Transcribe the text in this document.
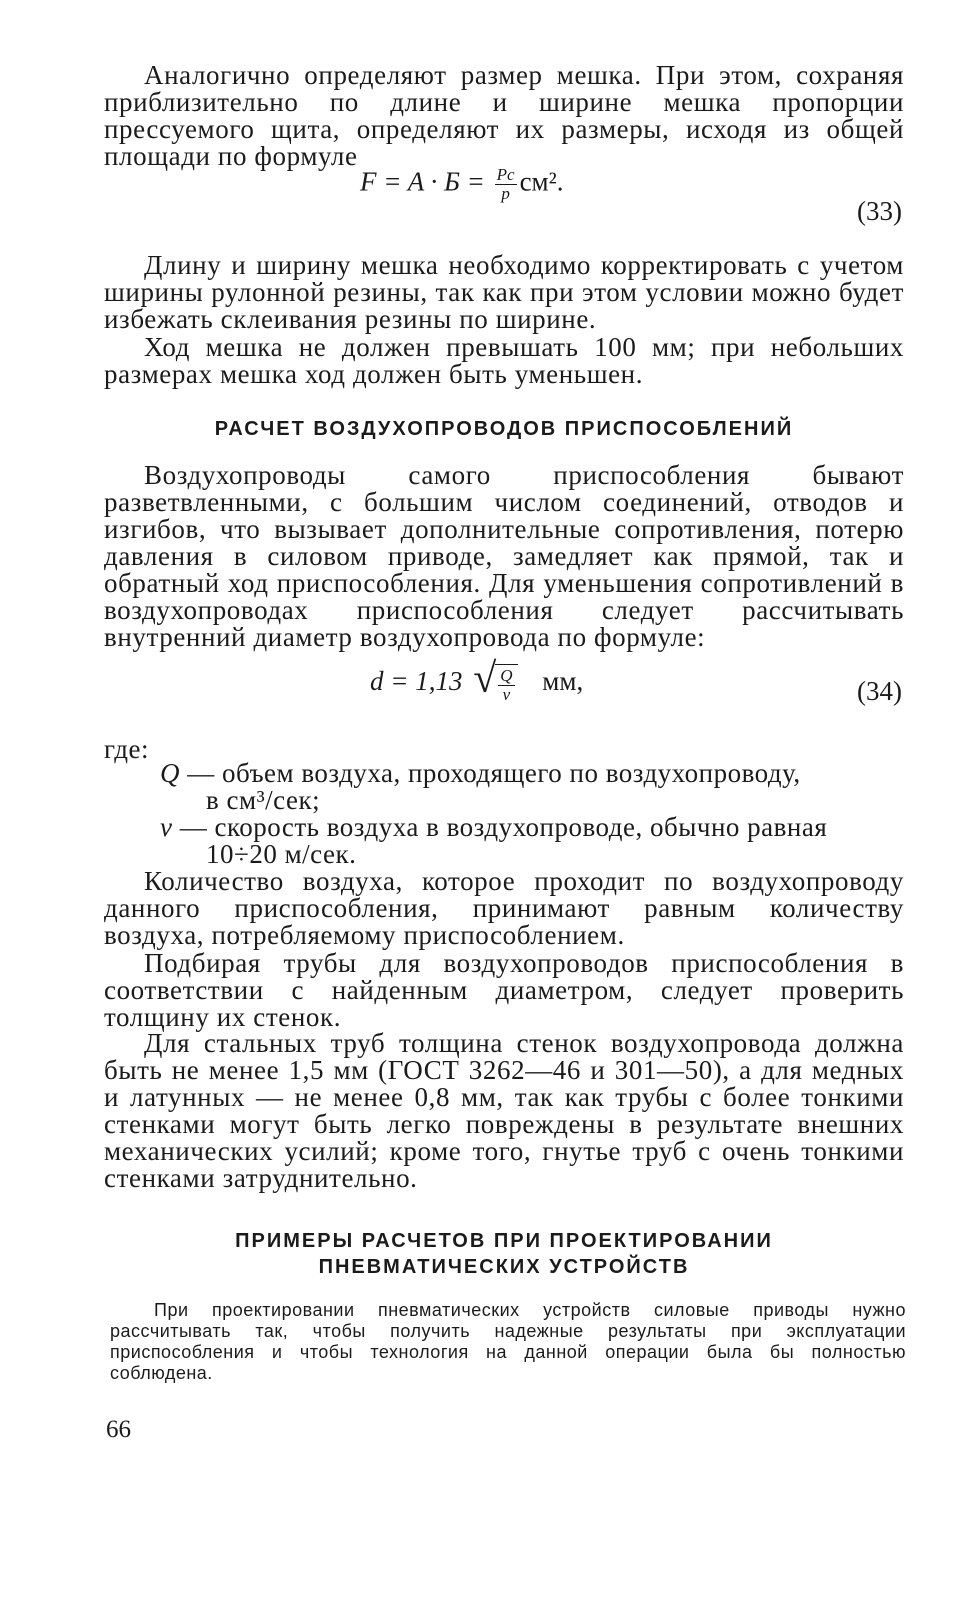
Аналогично определяют размер мешка. При этом, сохраняя приблизительно по длине и ширине мешка пропорции прессуемого щита, определяют их размеры, исходя из общей площади по формуле

$F = A \cdot Б = \frac{Pс}{p} см^2$.
(33)

Длину и ширину мешка необходимо корректировать с учетом ширины рулонной резины, так как при этом условии можно будет избежать склеивания резины по ширине.

Ход мешка не должен превышать 100 мм; при небольших размерах мешка ход должен быть уменьшен.

РАСЧЕТ ВОЗДУХОПРОВОДОВ ПРИСПОСОБЛЕНИЙ

Воздухопроводы самого приспособления бывают разветвленными, с большим числом соединений, отводов и изгибов, что вызывает дополнительные сопротивления, потерю давления в силовом приводе, замедляет как прямой, так и обратный ход приспособления. Для уменьшения сопротивлений в воздухопроводах приспособления следует рассчитывать внутренний диаметр воздухопровода по формуле:

d = 1,13 √ $\frac{Q}{v}$ мм,	(34)
где:
Q — объем воздуха, проходящего по воздухопроводу,
в см³/сек;
v — скорость воздуха в воздухопроводе, обычно равная
10÷20 м/сек.

Количество воздуха, которое проходит по воздухопроводу данного приспособления, принимают равным количеству воздуха, потребляемому приспособлением.

Подбирая трубы для воздухопроводов приспособления в соответствии с найденным диаметром, следует проверить толщину их стенок.

Для стальных труб толщина стенок воздухопровода должна быть не менее 1,5 мм (ГОСТ 3262—46 и 301—50), а для медных и латунных — не менее 0,8 мм, так как трубы с более тонкими стенками могут быть легко повреждены в результате внешних механических усилий; кроме того, гнутье труб с очень тонкими стенками затруднительно.

ПРИМЕРЫ РАСЧЕТОВ ПРИ ПРОЕКТИРОВАНИИ
ПНЕВМАТИЧЕСКИХ УСТРОЙСТВ

При проектировании пневматических устройств силовые приводы нужно рассчитывать так, чтобы получить надежные результаты при эксплуатации приспособления и чтобы технология на данной операции была бы полностью соблюдена.

66
